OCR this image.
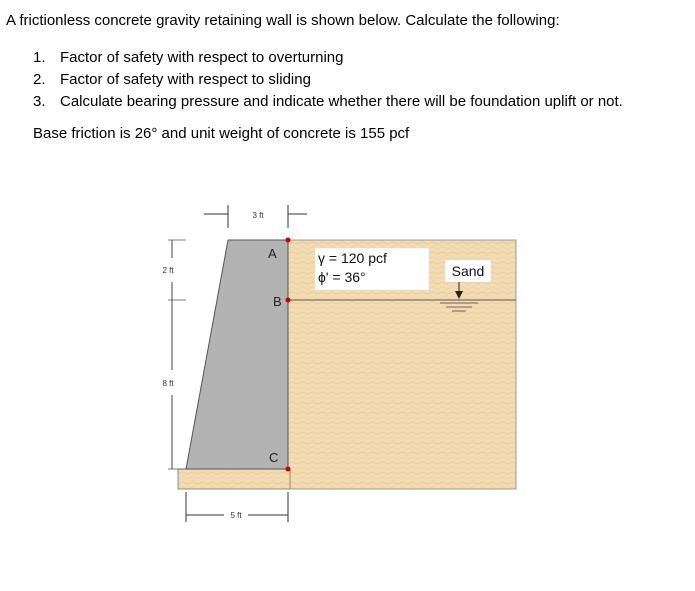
A frictionless concrete gravity retaining wall is shown below. Calculate the following:

1. Factor of safety with respect to overturning
2. Factor of safety with respect to sliding
3. Calculate bearing pressure and indicate whether there will be foundation uplift or not.

Base friction is 26° and unit weight of concrete is 155 pcf

3 ft
2 ft
8 ft
5 ft
A
B
C
γ = 120 pcf
ϕ' = 36°	Sand
